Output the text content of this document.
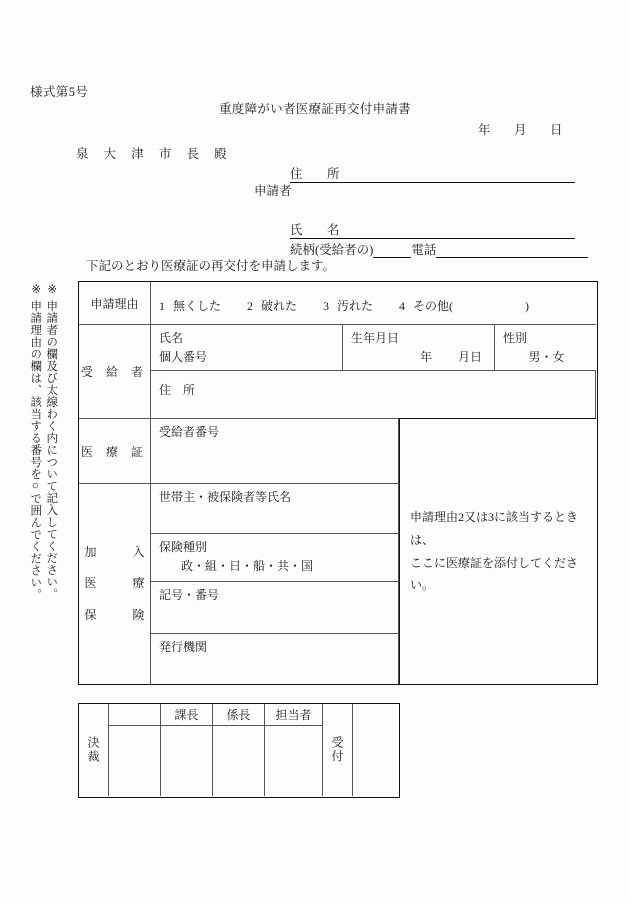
様式第5号
重度障がい者医療証再交付申請書
年 月 日
泉 大 津 市 長 殿
申請者
住　所
氏　名
続柄(受給者の)	電話
下記のとおり医療証の再交付を申請します。
※ 申請者の欄及び太線わく内について記入してください。
※ 申請理由の欄は、該当する番号を○で囲んでください。	申請理由 1 無くした 2 破れた 3 汚れた 4 その他(　　　　　　)
受 給 者
氏名
個人番号
生年月日
年 月日
性別
男・女
住　所
医 療 証
受給者番号
加　　　入
医　　　療
保　　　険
世帯主・被保険者等氏名
保険種別
政・組・日・船・共・国
記号・番号
発行機関
申請理由2又は3に該当するときは、
ここに医療証を添付してください。
決裁
課長 係長 担当者
受付
